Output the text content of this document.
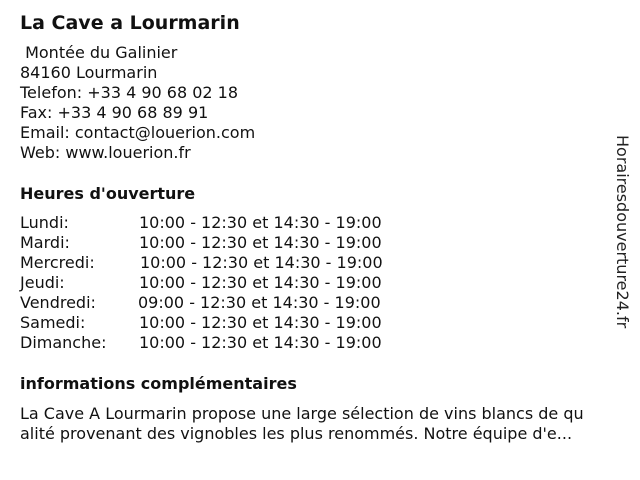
La Cave a Lourmarin
Montée du Galinier
84160 Lourmarin
Telefon: +33 4 90 68 02 18
Fax: +33 4 90 68 89 91
Email: contact@louerion.com
Web: www.louerion.fr
Heures d'ouverture
Lundi:	10:00 - 12:30 et 14:30 - 19:00
Mardi:	10:00 - 12:30 et 14:30 - 19:00
Mercredi:	10:00 - 12:30 et 14:30 - 19:00
Jeudi:	10:00 - 12:30 et 14:30 - 19:00
Vendredi:	09:00 - 12:30 et 14:30 - 19:00
Samedi:	10:00 - 12:30 et 14:30 - 19:00
Dimanche: 10:00 - 12:30 et 14:30 - 19:00
informations complémentaires
La Cave A Lourmarin propose une large sélection de vins blancs de qu
alité provenant des vignobles les plus renommés. Notre équipe d'e...
Horairesdouverture24.fr
